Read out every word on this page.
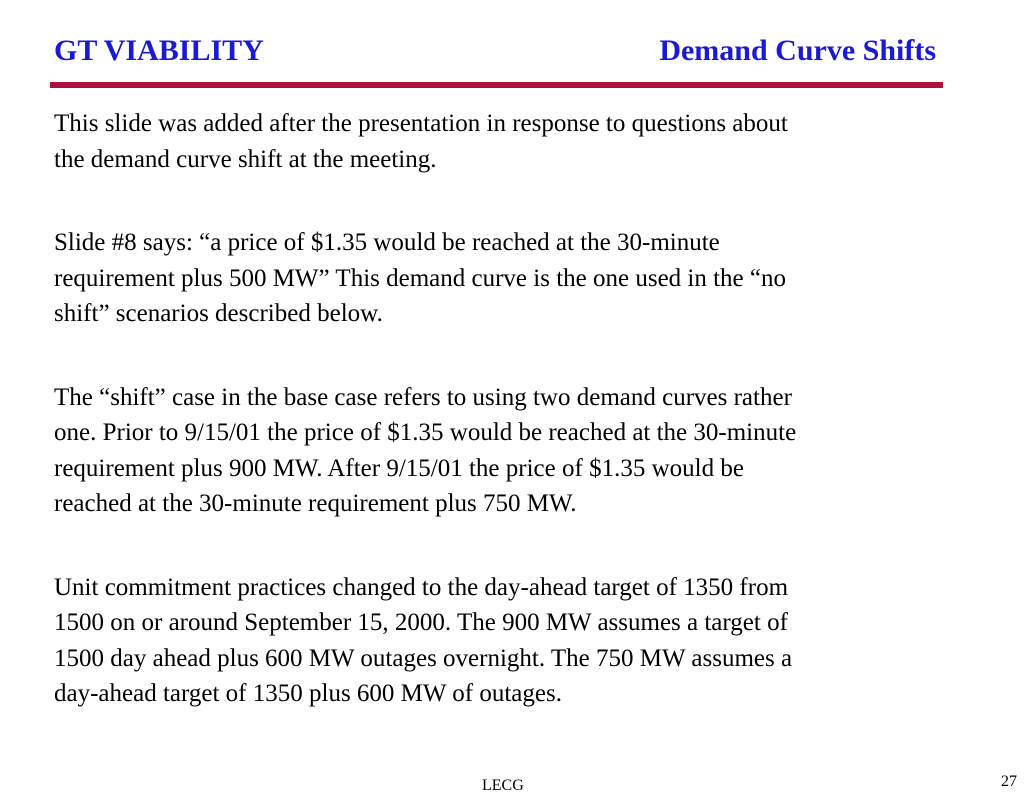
GT VIABILITY	Demand Curve Shifts

This slide was added after the presentation in response to questions about
the demand curve shift at the meeting.

Slide #8 says: “a price of $1.35 would be reached at the 30-minute
requirement plus 500 MW” This demand curve is the one used in the “no
shift” scenarios described below.

The “shift” case in the base case refers to using two demand curves rather
one. Prior to 9/15/01 the price of $1.35 would be reached at the 30-minute
requirement plus 900 MW. After 9/15/01 the price of $1.35 would be
reached at the 30-minute requirement plus 750 MW.

Unit commitment practices changed to the day-ahead target of 1350 from
1500 on or around September 15, 2000. The 900 MW assumes a target of
1500 day ahead plus 600 MW outages overnight. The 750 MW assumes a
day-ahead target of 1350 plus 600 MW of outages.

LECG	27
